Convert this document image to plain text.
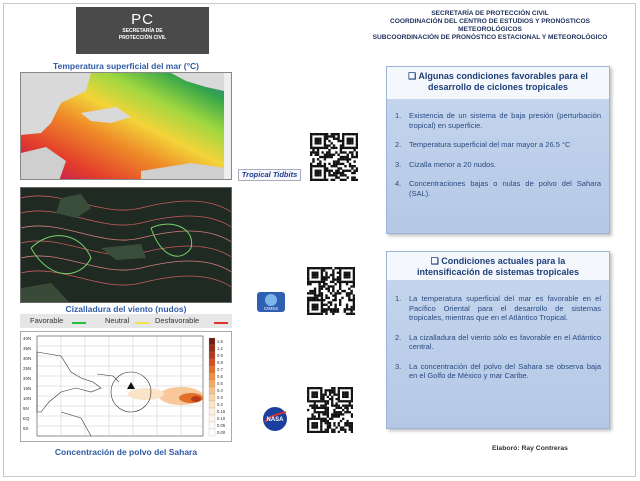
PC
SECRETARÍA DE
PROTECCIÓN CIVIL
SECRETARÍA DE PROTECCIÓN CIVIL
COORDINACIÓN DEL CENTRO DE ESTUDIOS Y PRONÓSTICOS
METEOROLÓGICOS
SUBCOORDINACIÓN DE PRONÓSTICO ESTACIONAL Y METEOROLÓGICO
Temperatura superficial del mar (°C)
Cizalladura del viento (nudos)
Favorable	Neutral	Desfavorable
40N
35N
30N
25N
20N
15N
10N
5N
EQ
5S
1.5
1.2
0.9
0.8
0.7
0.6
0.5
0.4
0.3
0.2
0.15
0.10
0.05
0.00
Concentración de polvo del Sahara
Tropical Tidbits
CIMSS
NASA
❏ Algunas condiciones favorables para el
desarrollo de ciclones tropicales
1.	Existencia de un sistema de baja presión (perturbación tropical) en superficie.
2.	Temperatura superficial del mar mayor a 26.5 °C
3.	Cizalla menor a 20 nudos.
4.	Concentraciones bajas o nulas de polvo del Sahara (SAL).
❏ Condiciones actuales para la
intensificación de sistemas tropicales
1.	La temperatura superficial del mar es favorable en el Pacífico Oriental para el desarrollo de sistemas tropicales, mientras que en el Atlántico Tropical.
2.	La cizalladura del viento sólo es favorable en el Atlántico central.
3.	La concentración del polvo del Sahara se observa baja en el Golfo de México y mar Caribe.
Elaboró: Ray Contreras
